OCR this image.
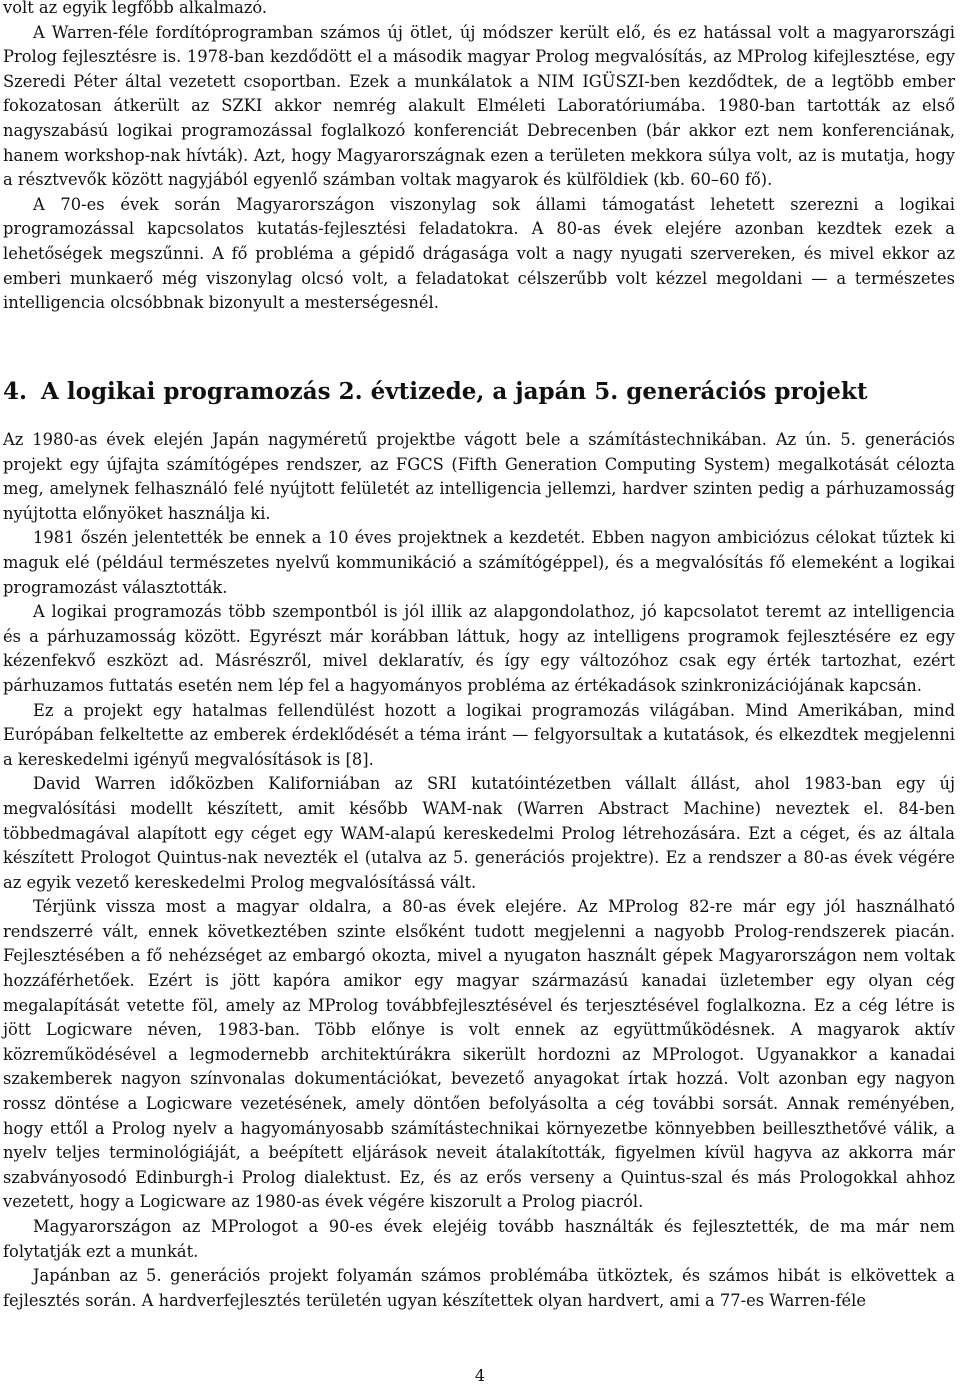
volt az egyik legfőbb alkalmazó.

A Warren-féle fordítóprogramban számos új ötlet, új módszer került elő, és ez hatással volt a magyarországi Prolog fejlesztésre is. 1978-ban kezdődött el a második magyar Prolog megvalósítás, az MProlog kifejlesztése, egy Szeredi Péter által vezetett csoportban. Ezek a munkálatok a NIM IGÜSZI-ben kezdődtek, de a legtöbb ember fokozatosan átkerült az SZKI akkor nemrég alakult Elméleti Laboratóriumába. 1980-ban tartották az első nagyszabású logikai programozással foglalkozó konferenciát Debrecenben (bár akkor ezt nem konferenciának, hanem workshop-nak hívták). Azt, hogy Magyarországnak ezen a területen mekkora súlya volt, az is mutatja, hogy a résztvevők között nagyjából egyenlő számban voltak magyarok és külföldiek (kb. 60–60 fő).

A 70-es évek során Magyarországon viszonylag sok állami támogatást lehetett szerezni a logikai programozással kapcsolatos kutatás-fejlesztési feladatokra. A 80-as évek elejére azonban kezdtek ezek a lehetőségek megszűnni. A fő probléma a gépidő drágasága volt a nagy nyugati szervereken, és mivel ekkor az emberi munkaerő még viszonylag olcsó volt, a feladatokat célszerűbb volt kézzel megoldani — a természetes intelligencia olcsóbbnak bizonyult a mesterségesnél.

4. A logikai programozás 2. évtizede, a japán 5. generációs projekt

Az 1980-as évek elején Japán nagyméretű projektbe vágott bele a számítástechnikában. Az ún. 5. generációs projekt egy újfajta számítógépes rendszer, az FGCS (Fifth Generation Computing System) megalkotását célozta meg, amelynek felhasználó felé nyújtott felületét az intelligencia jellemzi, hardver szinten pedig a párhuzamosság nyújtotta előnyöket használja ki.

1981 őszén jelentették be ennek a 10 éves projektnek a kezdetét. Ebben nagyon ambiciózus célokat tűztek ki maguk elé (például természetes nyelvű kommunikáció a számítógéppel), és a megvalósítás fő elemeként a logikai programozást választották.

A logikai programozás több szempontból is jól illik az alapgondolathoz, jó kapcsolatot teremt az intelligencia és a párhuzamosság között. Egyrészt már korábban láttuk, hogy az intelligens programok fejlesztésére ez egy kézenfekvő eszközt ad. Másrészről, mivel deklaratív, és így egy változóhoz csak egy érték tartozhat, ezért párhuzamos futtatás esetén nem lép fel a hagyományos probléma az értékadások szinkronizációjának kapcsán.

Ez a projekt egy hatalmas fellendülést hozott a logikai programozás világában. Mind Amerikában, mind Európában felkeltette az emberek érdeklődését a téma iránt — felgyorsultak a kutatások, és elkezdtek megjelenni a kereskedelmi igényű megvalósítások is [8].

David Warren időközben Kaliforniában az SRI kutatóintézetben vállalt állást, ahol 1983-ban egy új megvalósítási modellt készített, amit később WAM-nak (Warren Abstract Machine) neveztek el. 84-ben többedmagával alapított egy céget egy WAM-alapú kereskedelmi Prolog létrehozására. Ezt a céget, és az általa készített Prologot Quintus-nak nevezték el (utalva az 5. generációs projektre). Ez a rendszer a 80-as évek végére az egyik vezető kereskedelmi Prolog megvalósítássá vált.

Térjünk vissza most a magyar oldalra, a 80-as évek elejére. Az MProlog 82-re már egy jól használható rendszerré vált, ennek következtében szinte elsőként tudott megjelenni a nagyobb Prolog-rendszerek piacán. Fejlesztésében a fő nehézséget az embargó okozta, mivel a nyugaton használt gépek Magyarországon nem voltak hozzáférhetőek. Ezért is jött kapóra amikor egy magyar származású kanadai üzletember egy olyan cég megalapítását vetette föl, amely az MProlog továbbfejlesztésével és terjesztésével foglalkozna. Ez a cég létre is jött Logicware néven, 1983-ban. Több előnye is volt ennek az együttműködésnek. A magyarok aktív közreműködésével a legmodernebb architektúrákra sikerült hordozni az MPrologot. Ugyanakkor a kanadai szakemberek nagyon színvonalas dokumentációkat, bevezető anyagokat írtak hozzá. Volt azonban egy nagyon rossz döntése a Logicware vezetésének, amely döntően befolyásolta a cég további sorsát. Annak reményében, hogy ettől a Prolog nyelv a hagyományosabb számítástechnikai környezetbe könnyebben beilleszthetővé válik, a nyelv teljes terminológiáját, a beépített eljárások neveit átalakították, figyelmen kívül hagyva az akkorra már szabványosodó Edinburgh-i Prolog dialektust. Ez, és az erős verseny a Quintus-szal és más Prologokkal ahhoz vezetett, hogy a Logicware az 1980-as évek végére kiszorult a Prolog piacról.

Magyarországon az MPrologot a 90-es évek elejéig tovább használták és fejlesztették, de ma már nem folytatják ezt a munkát.

Japánban az 5. generációs projekt folyamán számos problémába ütköztek, és számos hibát is elkövettek a fejlesztés során. A hardverfejlesztés területén ugyan készítettek olyan hardvert, ami a 77-es Warren-féle

4
